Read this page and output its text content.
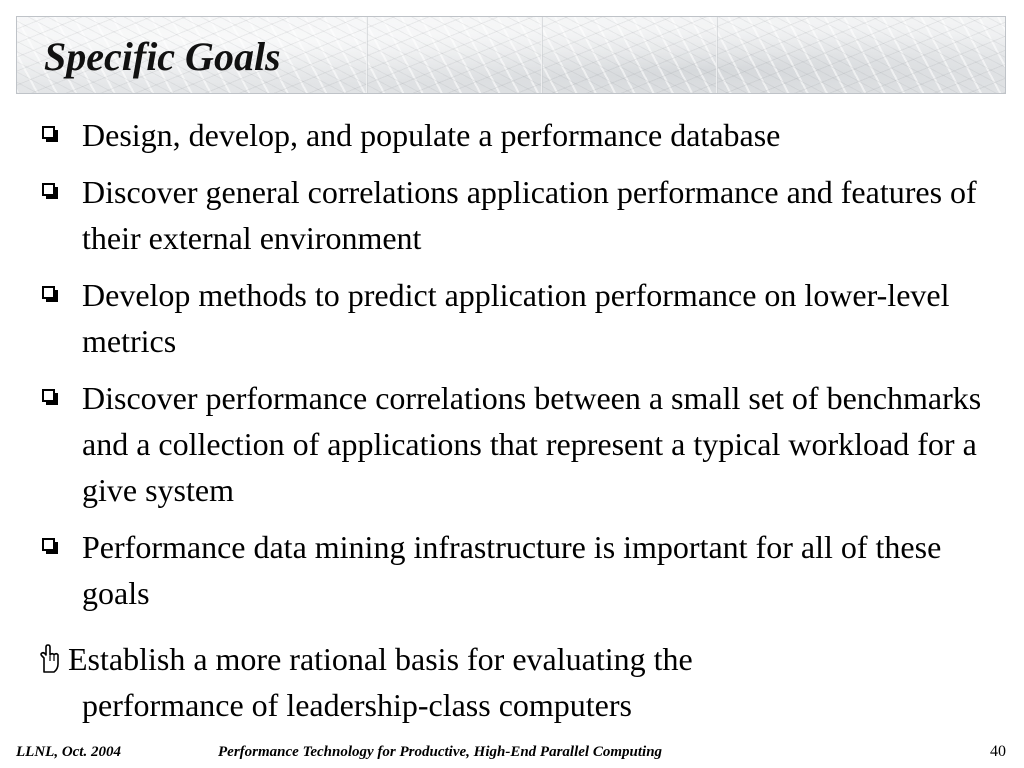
Specific Goals
Design, develop, and populate a performance database
Discover general correlations application performance and features of their external environment
Develop methods to predict application performance on lower-level metrics
Discover performance correlations between a small set of benchmarks and a collection of applications that represent a typical workload for a give system
Performance data mining infrastructure is important for all of these goals
Establish a more rational basis for evaluating the
performance of leadership-class computers
LLNL, Oct. 2004	Performance Technology for Productive, High-End Parallel Computing	40
